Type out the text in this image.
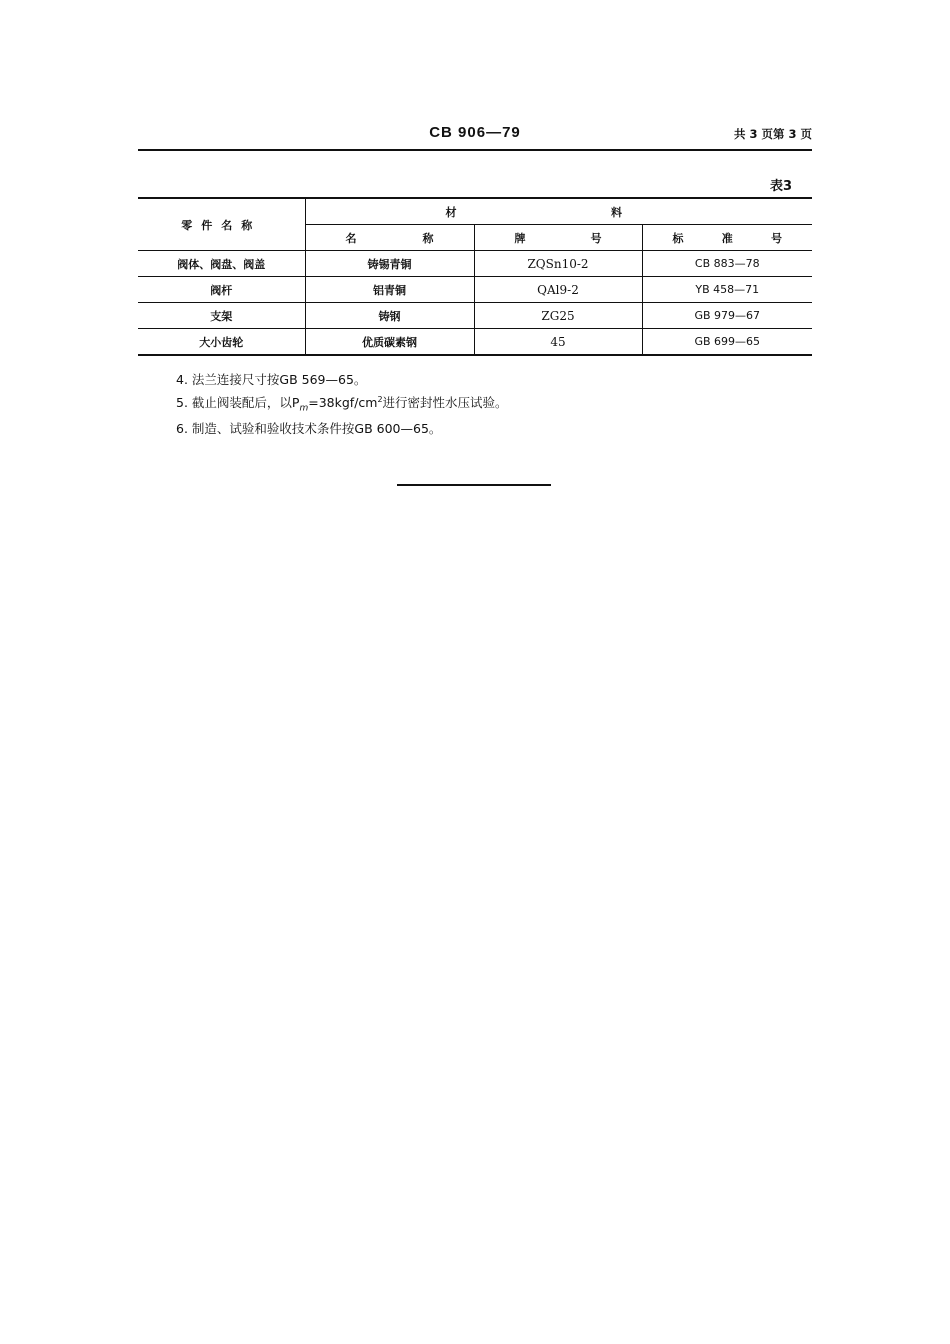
CB 906—79	共 3 页第 3 页
表3
零件名称	材 料		

	名 称	牌 号	标 准 号

阀体、阀盘、阀盖	铸锡青铜	ZQSn10-2	CB 883—78
阀杆	铝青铜	QAl9-2	YB 458—71
支架	铸钢	ZG25	GB 979—67
大小齿轮	优质碳素钢	45	GB 699—65
4. 法兰连接尺寸按GB 569—65。
5. 截止阀装配后，以$P_m=38kgf/cm^2$进行密封性水压试验。
6. 制造、试验和验收技术条件按GB 600—65。
